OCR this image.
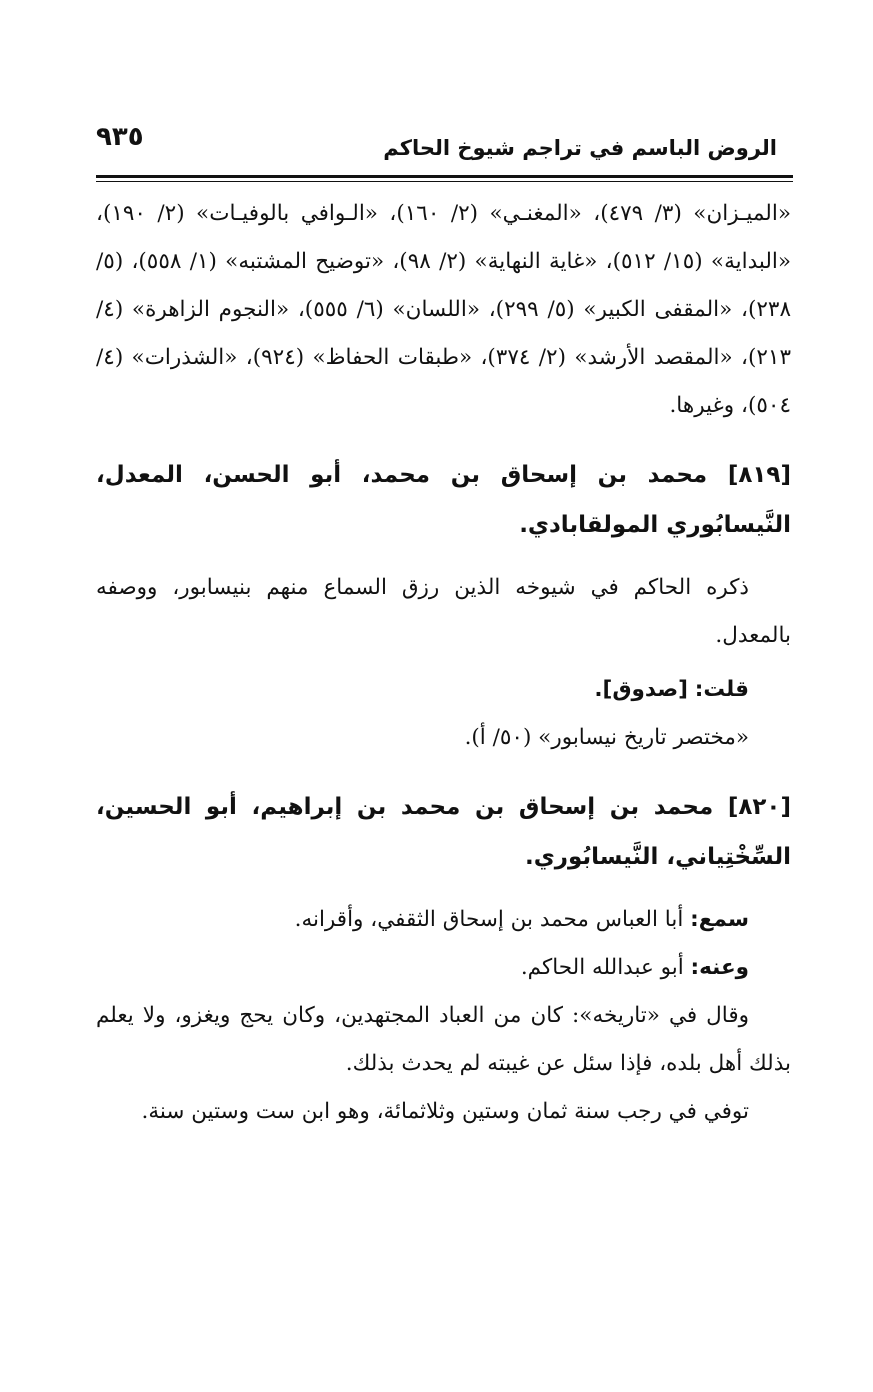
٩٣٥	الروض الباسم في تراجم شيوخ الحاكم

«الميـزان» (٣/ ٤٧٩)، «المغنـي» (٢/ ١٦٠)، «الـوافي بالوفيـات» (٢/ ١٩٠)، «البداية» (١٥/ ٥١٢)، «غاية النهاية» (٢/ ٩٨)، «توضيح المشتبه» (١/ ٥٥٨)، (٥/ ٢٣٨)، «المقفى الكبير» (٥/ ٢٩٩)، «اللسان» (٦/ ٥٥٥)، «النجوم الزاهرة» (٤/ ٢١٣)، «المقصد الأرشد» (٢/ ٣٧٤)، «طبقات الحفاظ» (٩٢٤)، «الشذرات» (٤/ ٥٠٤)، وغيرها.

[٨١٩] محمد بن إسحاق بن محمد، أبو الحسن، المعدل، النَّيسابُوري المولقابادي.

ذكره الحاكم في شيوخه الذين رزق السماع منهم بنيسابور، ووصفه بالمعدل.

قلت: [صدوق].

«مختصر تاريخ نيسابور» (٥٠/ أ).

[٨٢٠] محمد بن إسحاق بن محمد بن إبراهيم، أبو الحسين، السِّخْتِياني، النَّيسابُوري.

سمع: أبا العباس محمد بن إسحاق الثقفي، وأقرانه.

وعنه: أبو عبدالله الحاكم.

وقال في «تاريخه»: كان من العباد المجتهدين، وكان يحج ويغزو، ولا يعلم بذلك أهل بلده، فإذا سئل عن غيبته لم يحدث بذلك.

توفي في رجب سنة ثمان وستين وثلاثمائة، وهو ابن ست وستين سنة.
